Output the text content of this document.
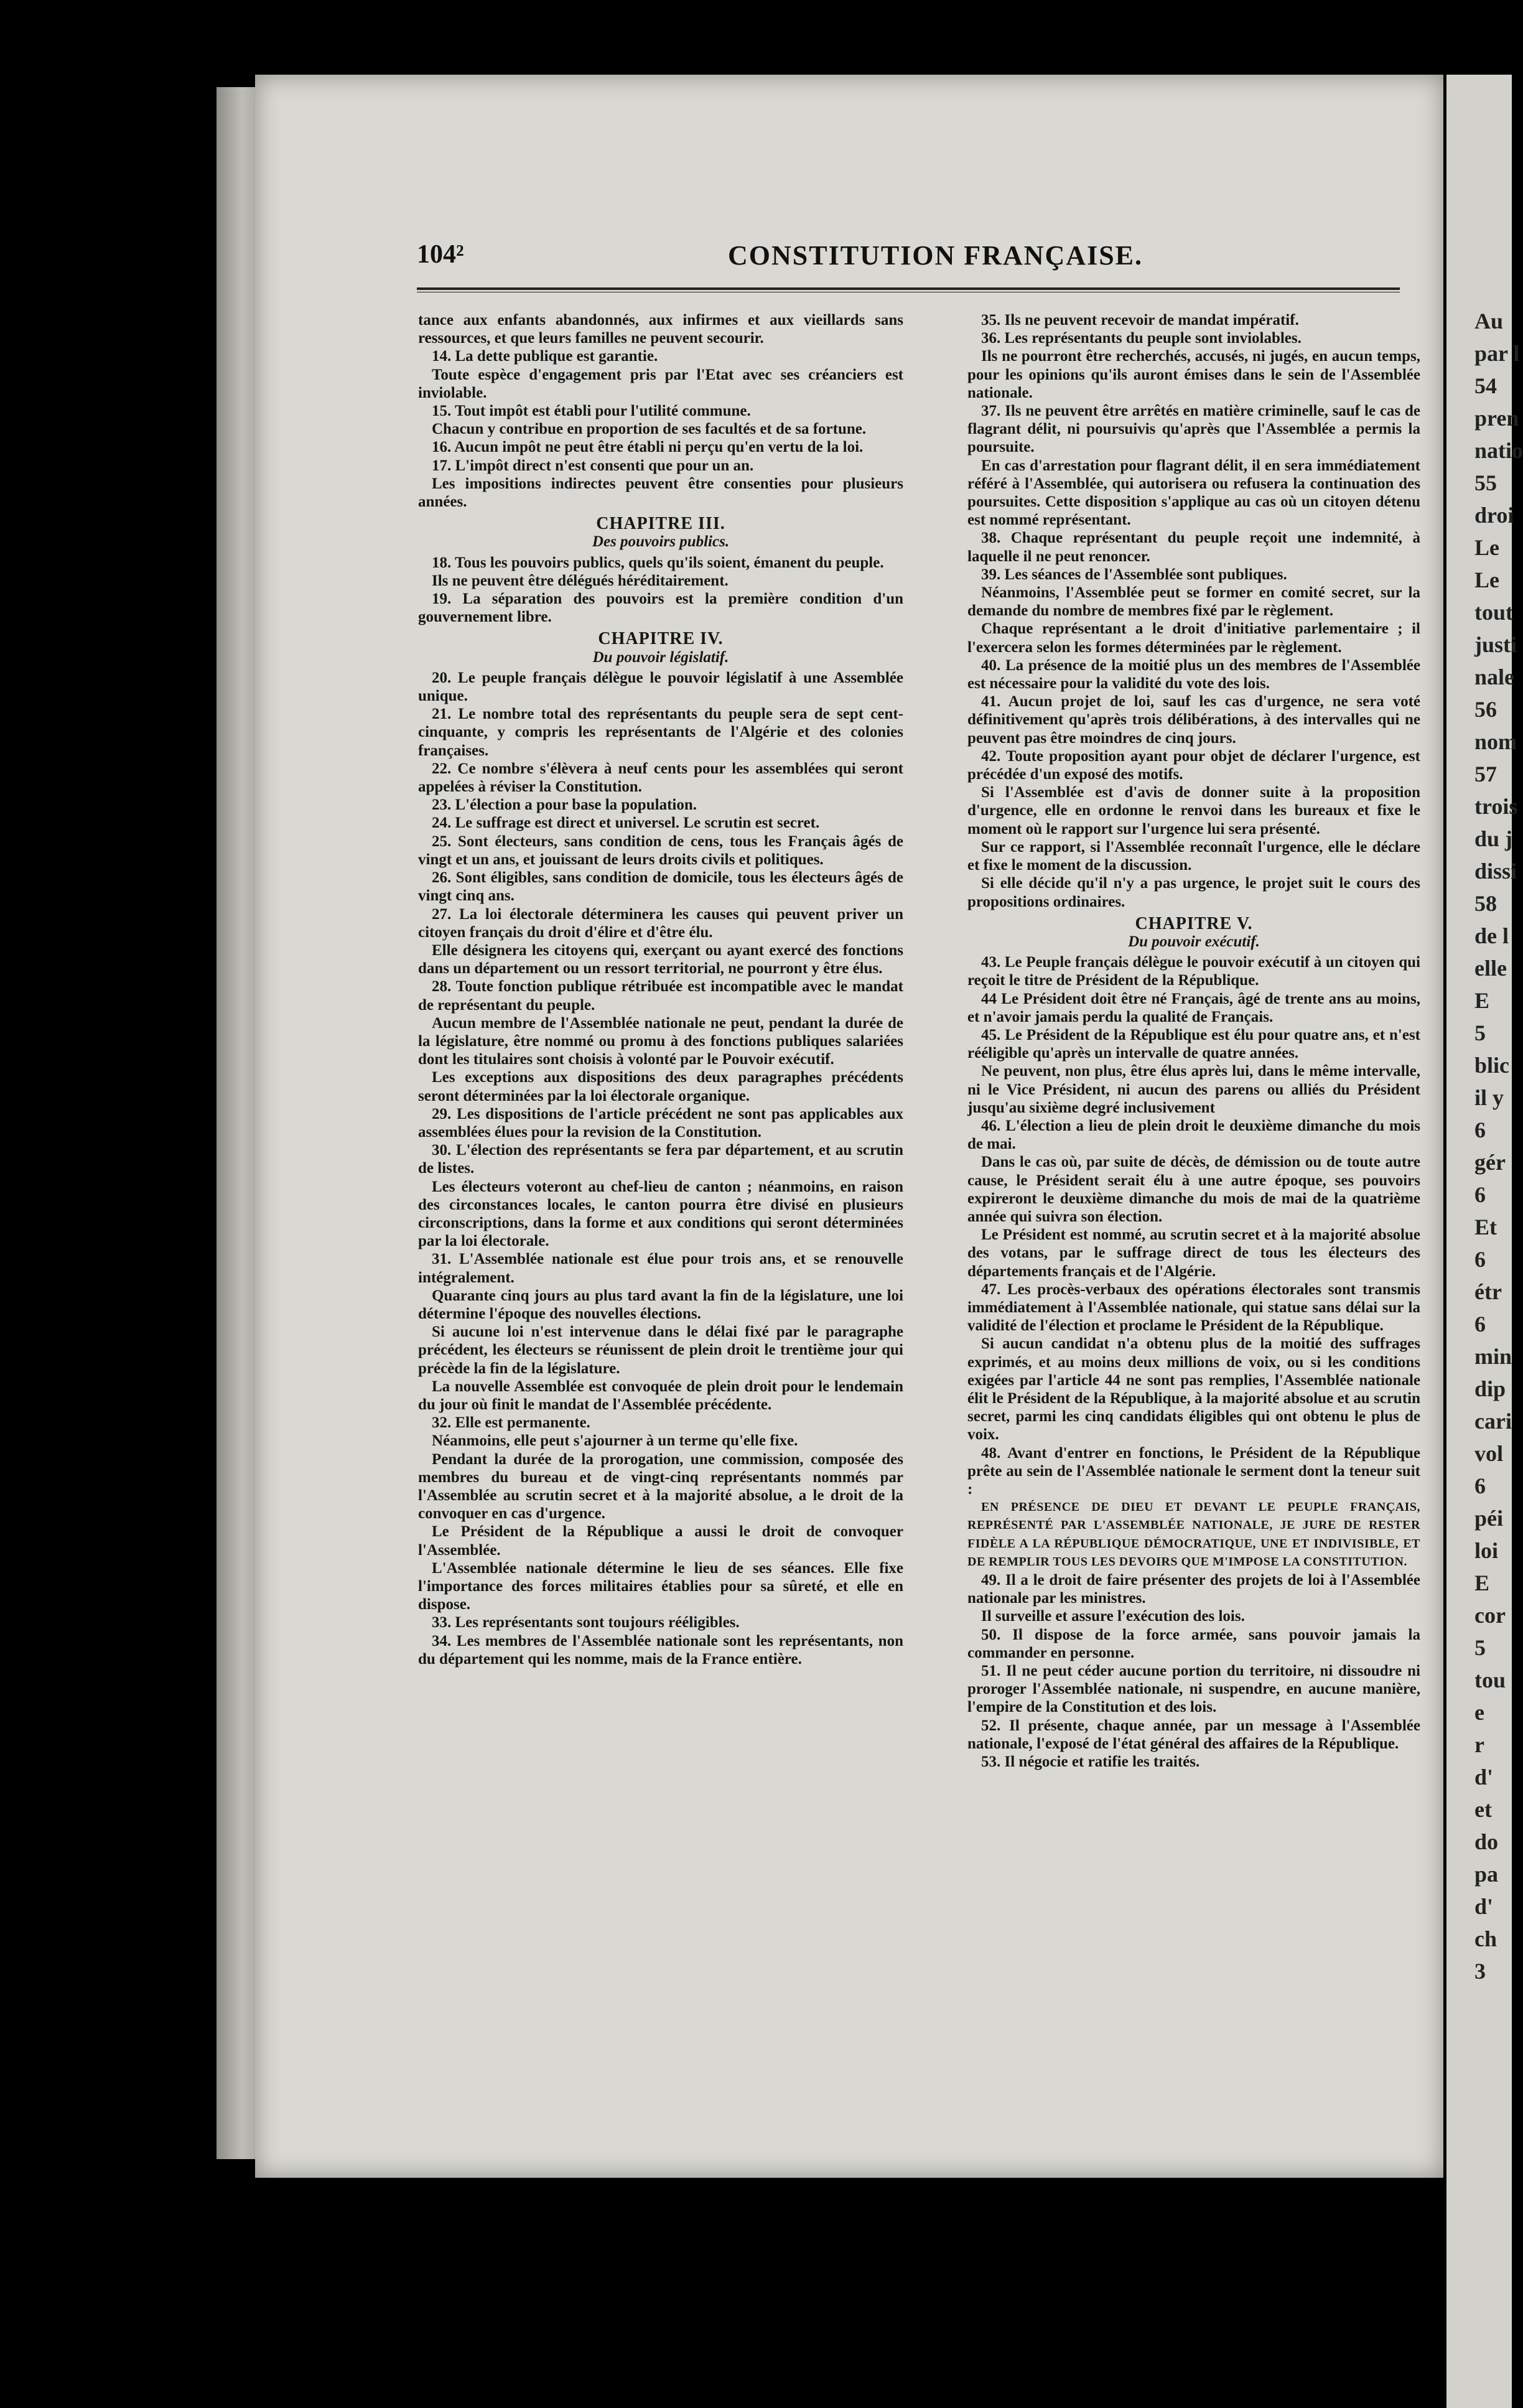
Au
par l
54
pren
natio
55
droi
Le
Le
tout
justi
nale
56
nom
57
trois
du j
dissi
58
de l
elle
E
5
blic
il y
6
gér
6
Et
6
étr
6
min
dip
cari
vol
6
péi
loi
E
cor
5
tou
e
r
d'
et
do
pa
d'
ch
3
104²	CONSTITUTION FRANÇAISE.

tance aux enfants abandonnés, aux infirmes et aux vieillards sans ressources, et que leurs familles ne peuvent secourir.

14. La dette publique est garantie.

Toute espèce d'engagement pris par l'Etat avec ses créanciers est inviolable.

15. Tout impôt est établi pour l'utilité commune.

Chacun y contribue en proportion de ses facultés et de sa fortune.

16. Aucun impôt ne peut être établi ni perçu qu'en vertu de la loi.

17. L'impôt direct n'est consenti que pour un an.

Les impositions indirectes peuvent être consenties pour plusieurs années.

CHAPITRE III.
Des pouvoirs publics.

18. Tous les pouvoirs publics, quels qu'ils soient, émanent du peuple.

Ils ne peuvent être délégués héréditairement.

19. La séparation des pouvoirs est la première condition d'un gouvernement libre.

CHAPITRE IV.
Du pouvoir législatif.

20. Le peuple français délègue le pouvoir législatif à une Assemblée unique.

21. Le nombre total des représentants du peuple sera de sept cent-cinquante, y compris les représentants de l'Algérie et des colonies françaises.

22. Ce nombre s'élèvera à neuf cents pour les assemblées qui seront appelées à réviser la Constitution.

23. L'élection a pour base la population.

24. Le suffrage est direct et universel. Le scrutin est secret.

25. Sont électeurs, sans condition de cens, tous les Français âgés de vingt et un ans, et jouissant de leurs droits civils et politiques.

26. Sont éligibles, sans condition de domicile, tous les électeurs âgés de vingt cinq ans.

27. La loi électorale déterminera les causes qui peuvent priver un citoyen français du droit d'élire et d'être élu.

Elle désignera les citoyens qui, exerçant ou ayant exercé des fonctions dans un département ou un ressort territorial, ne pourront y être élus.

28. Toute fonction publique rétribuée est incompatible avec le mandat de représentant du peuple.

Aucun membre de l'Assemblée nationale ne peut, pendant la durée de la législature, être nommé ou promu à des fonctions publiques salariées dont les titulaires sont choisis à volonté par le Pouvoir exécutif.

Les exceptions aux dispositions des deux paragraphes précédents seront déterminées par la loi électorale organique.

29. Les dispositions de l'article précédent ne sont pas applicables aux assemblées élues pour la revision de la Constitution.

30. L'élection des représentants se fera par département, et au scrutin de listes.

Les électeurs voteront au chef-lieu de canton ; néanmoins, en raison des circonstances locales, le canton pourra être divisé en plusieurs circonscriptions, dans la forme et aux conditions qui seront déterminées par la loi électorale.

31. L'Assemblée nationale est élue pour trois ans, et se renouvelle intégralement.

Quarante cinq jours au plus tard avant la fin de la législature, une loi détermine l'époque des nouvelles élections.

Si aucune loi n'est intervenue dans le délai fixé par le paragraphe précédent, les électeurs se réunissent de plein droit le trentième jour qui précède la fin de la législature.

La nouvelle Assemblée est convoquée de plein droit pour le lendemain du jour où finit le mandat de l'Assemblée précédente.

32. Elle est permanente.

Néanmoins, elle peut s'ajourner à un terme qu'elle fixe.

Pendant la durée de la prorogation, une commission, composée des membres du bureau et de vingt-cinq représentants nommés par l'Assemblée au scrutin secret et à la majorité absolue, a le droit de la convoquer en cas d'urgence.

Le Président de la République a aussi le droit de convoquer l'Assemblée.

L'Assemblée nationale détermine le lieu de ses séances. Elle fixe l'importance des forces militaires établies pour sa sûreté, et elle en dispose.

33. Les représentants sont toujours rééligibles.

34. Les membres de l'Assemblée nationale sont les représentants, non du département qui les nomme, mais de la France entière.

35. Ils ne peuvent recevoir de mandat impératif.

36. Les représentants du peuple sont inviolables.

Ils ne pourront être recherchés, accusés, ni jugés, en aucun temps, pour les opinions qu'ils auront émises dans le sein de l'Assemblée nationale.

37. Ils ne peuvent être arrêtés en matière criminelle, sauf le cas de flagrant délit, ni poursuivis qu'après que l'Assemblée a permis la poursuite.

En cas d'arrestation pour flagrant délit, il en sera immédiatement référé à l'Assemblée, qui autorisera ou refusera la continuation des poursuites. Cette disposition s'applique au cas où un citoyen détenu est nommé représentant.

38. Chaque représentant du peuple reçoit une indemnité, à laquelle il ne peut renoncer.

39. Les séances de l'Assemblée sont publiques.

Néanmoins, l'Assemblée peut se former en comité secret, sur la demande du nombre de membres fixé par le règlement.

Chaque représentant a le droit d'initiative parlementaire ; il l'exercera selon les formes déterminées par le règlement.

40. La présence de la moitié plus un des membres de l'Assemblée est nécessaire pour la validité du vote des lois.

41. Aucun projet de loi, sauf les cas d'urgence, ne sera voté définitivement qu'après trois délibérations, à des intervalles qui ne peuvent pas être moindres de cinq jours.

42. Toute proposition ayant pour objet de déclarer l'urgence, est précédée d'un exposé des motifs.

Si l'Assemblée est d'avis de donner suite à la proposition d'urgence, elle en ordonne le renvoi dans les bureaux et fixe le moment où le rapport sur l'urgence lui sera présenté.

Sur ce rapport, si l'Assemblée reconnaît l'urgence, elle le déclare et fixe le moment de la discussion.

Si elle décide qu'il n'y a pas urgence, le projet suit le cours des propositions ordinaires.

CHAPITRE V.
Du pouvoir exécutif.

43. Le Peuple français délègue le pouvoir exécutif à un citoyen qui reçoit le titre de Président de la République.

44 Le Président doit être né Français, âgé de trente ans au moins, et n'avoir jamais perdu la qualité de Français.

45. Le Président de la République est élu pour quatre ans, et n'est rééligible qu'après un intervalle de quatre années.

Ne peuvent, non plus, être élus après lui, dans le même intervalle, ni le Vice Président, ni aucun des parens ou alliés du Président jusqu'au sixième degré inclusivement

46. L'élection a lieu de plein droit le deuxième dimanche du mois de mai.

Dans le cas où, par suite de décès, de démission ou de toute autre cause, le Président serait élu à une autre époque, ses pouvoirs expireront le deuxième dimanche du mois de mai de la quatrième année qui suivra son élection.

Le Président est nommé, au scrutin secret et à la majorité absolue des votans, par le suffrage direct de tous les électeurs des départements français et de l'Algérie.

47. Les procès-verbaux des opérations électorales sont transmis immédiatement à l'Assemblée nationale, qui statue sans délai sur la validité de l'élection et proclame le Président de la République.

Si aucun candidat n'a obtenu plus de la moitié des suffrages exprimés, et au moins deux millions de voix, ou si les conditions exigées par l'article 44 ne sont pas remplies, l'Assemblée nationale élit le Président de la République, à la majorité absolue et au scrutin secret, parmi les cinq candidats éligibles qui ont obtenu le plus de voix.

48. Avant d'entrer en fonctions, le Président de la République prête au sein de l'Assemblée nationale le serment dont la teneur suit :

EN PRÉSENCE DE DIEU ET DEVANT LE PEUPLE FRANÇAIS, REPRÉSENTÉ PAR L'ASSEMBLÉE NATIONALE, JE JURE DE RESTER FIDÈLE A LA RÉPUBLIQUE DÉMOCRATIQUE, UNE ET INDIVISIBLE, ET DE REMPLIR TOUS LES DEVOIRS QUE M'IMPOSE LA CONSTITUTION.

49. Il a le droit de faire présenter des projets de loi à l'Assemblée nationale par les ministres.

Il surveille et assure l'exécution des lois.

50. Il dispose de la force armée, sans pouvoir jamais la commander en personne.

51. Il ne peut céder aucune portion du territoire, ni dissoudre ni proroger l'Assemblée nationale, ni suspendre, en aucune manière, l'empire de la Constitution et des lois.

52. Il présente, chaque année, par un message à l'Assemblée nationale, l'exposé de l'état général des affaires de la République.

53. Il négocie et ratifie les traités.
